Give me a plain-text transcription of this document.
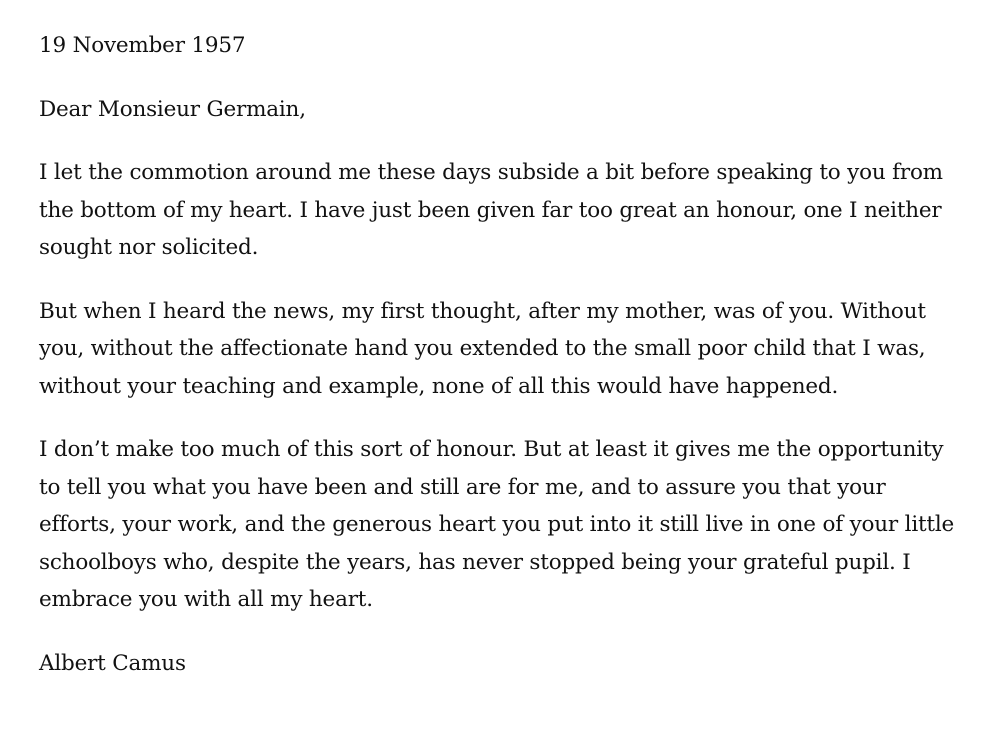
19 November 1957

Dear Monsieur Germain,

I let the commotion around me these days subside a bit before speaking to you from the bottom of my heart. I have just been given far too great an honour, one I neither sought nor solicited.

But when I heard the news, my first thought, after my mother, was of you. Without you, without the affectionate hand you extended to the small poor child that I was, without your teaching and example, none of all this would have happened.

I don’t make too much of this sort of honour. But at least it gives me the opportunity to tell you what you have been and still are for me, and to assure you that your efforts, your work, and the generous heart you put into it still live in one of your little schoolboys who, despite the years, has never stopped being your grateful pupil. I embrace you with all my heart.

Albert Camus
